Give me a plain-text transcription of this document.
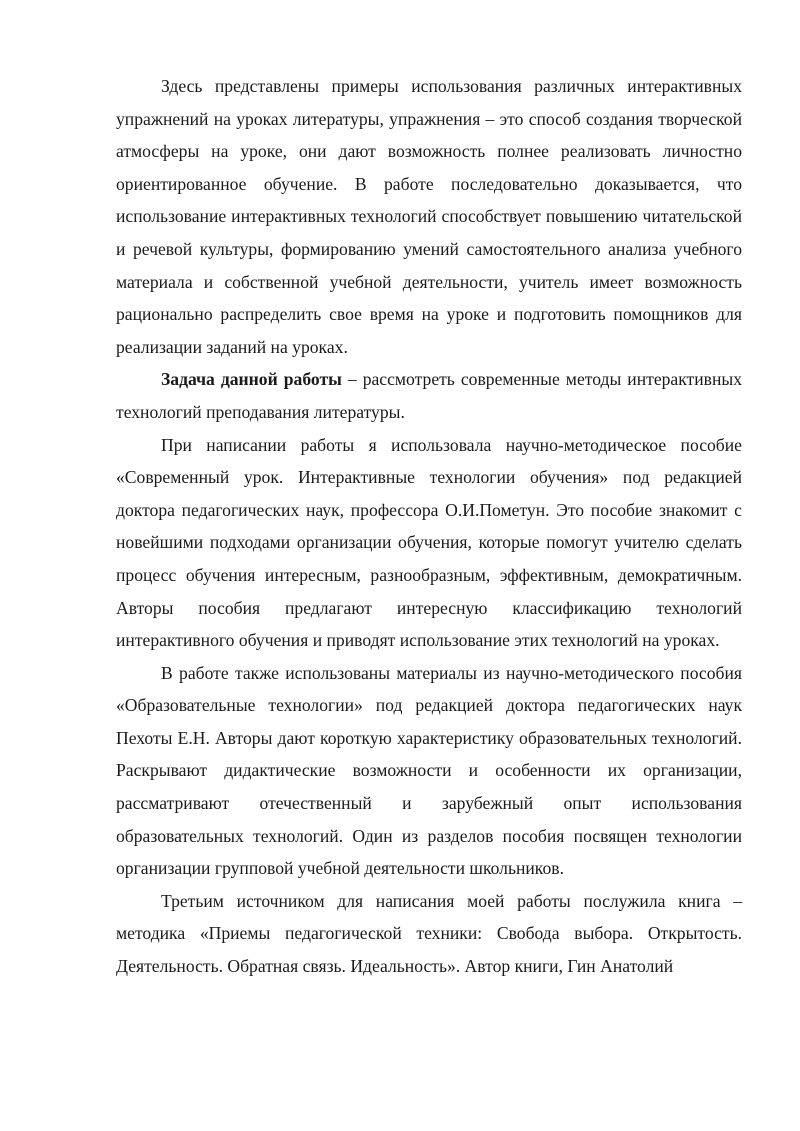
Здесь представлены примеры использования различных интерактивных упражнений на уроках литературы, упражнения – это способ создания творческой атмосферы на уроке, они дают возможность полнее реализовать личностно ориентированное обучение. В работе последовательно доказывается, что использование интерактивных технологий способствует повышению читательской и речевой культуры, формированию умений самостоятельного анализа учебного материала и собственной учебной деятельности, учитель имеет возможность рационально распределить свое время на уроке и подготовить помощников для реализации заданий на уроках.

Задача данной работы – рассмотреть современные методы интерактивных технологий преподавания литературы.

При написании работы я использовала научно-методическое пособие «Современный урок. Интерактивные технологии обучения» под редакцией доктора педагогических наук, профессора О.И.Пометун. Это пособие знакомит с новейшими подходами организации обучения, которые помогут учителю сделать процесс обучения интересным, разнообразным, эффективным, демократичным. Авторы пособия предлагают интересную классификацию технологий интерактивного обучения и приводят использование этих технологий на уроках.

В работе также использованы материалы из научно-методического пособия «Образовательные технологии» под редакцией доктора педагогических наук Пехоты Е.Н. Авторы дают короткую характеристику образовательных технологий. Раскрывают дидактические возможности и особенности их организации, рассматривают отечественный и зарубежный опыт использования образовательных технологий. Один из разделов пособия посвящен технологии организации групповой учебной деятельности школьников.

Третьим источником для написания моей работы послужила книга – методика «Приемы педагогической техники: Свобода выбора. Открытость. Деятельность. Обратная связь. Идеальность». Автор книги, Гин Анатолий
